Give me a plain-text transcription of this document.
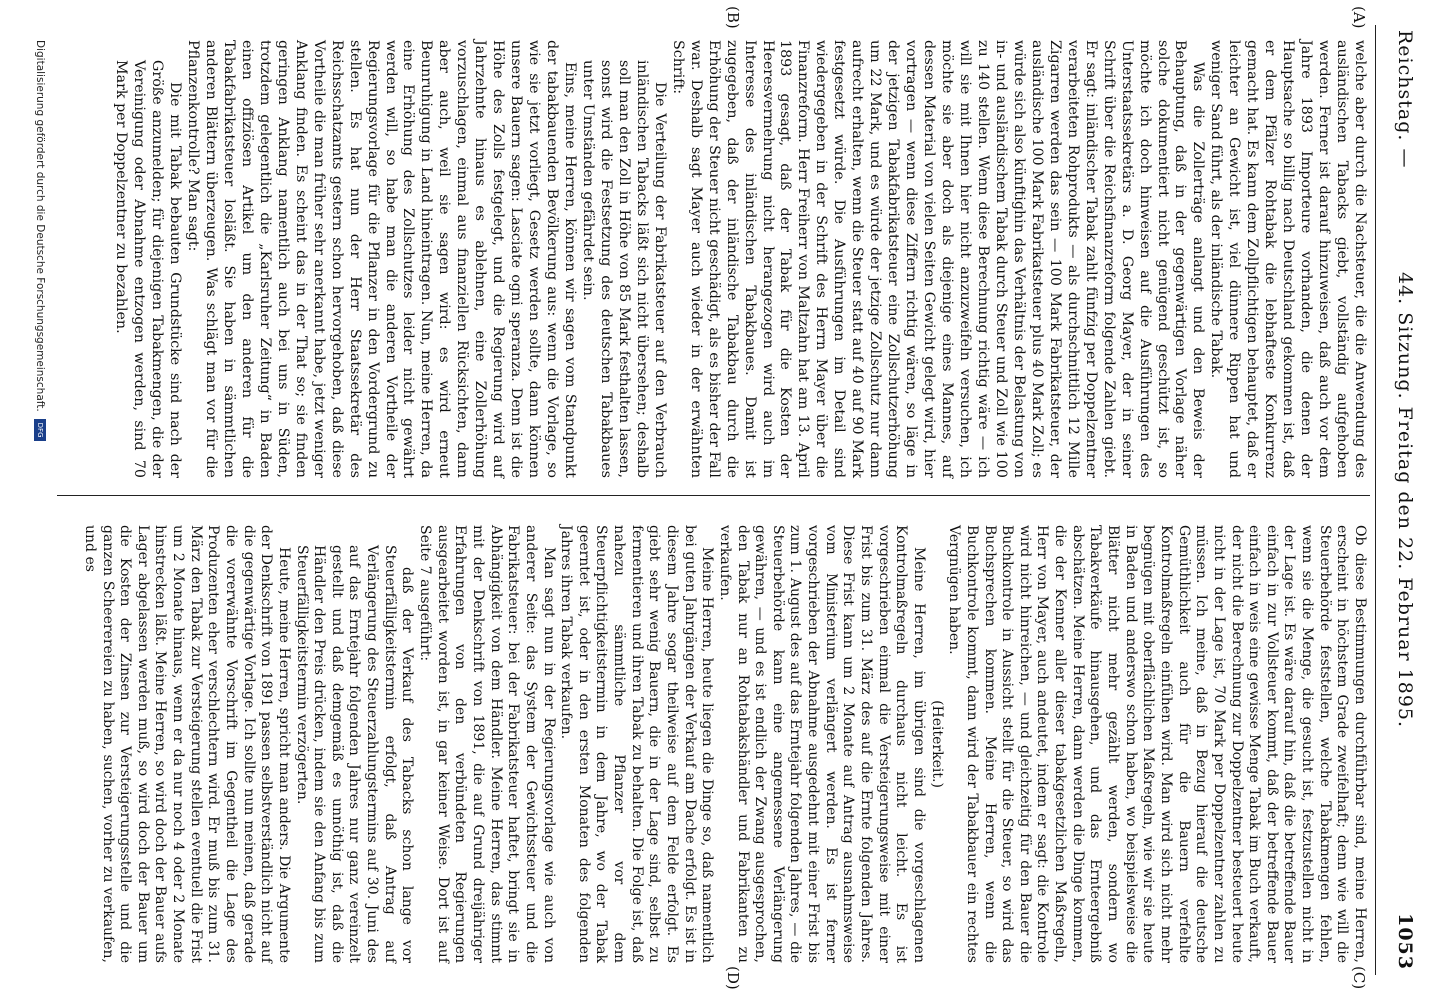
Reichstag. —
44. Sitzung. Freitag den 22. Februar 1895.
1053
(A)
(B)
(C)
(D)

welche aber durch die Nachsteuer, die die Anwendung des ausländischen Tabacks giebt, vollständig aufgehoben werden. Ferner ist darauf hinzuweisen, daß auch vor dem Jahre 1893 Importeure vorhanden, die denen der Hauptsache so billig nach Deutschland gekommen ist, daß er dem Pfälzer Rohtabak die lebhafteste Konkurrenz gemacht hat. Es kann dem Zollpflichtigen behauptet, daß er leichter an Gewicht ist, viel dünnere Rippen hat und weniger Sand führt, als der inländische Tabak.

Was die Zollerträge anlangt und den Beweis der Behauptung, daß in der gegenwärtigen Vorlage näher solche dokumentiert nicht genügend geschützt ist, so möchte ich doch hinweisen auf die Ausführungen des Unterstaatssekretärs a. D. Georg Mayer, der in seiner Schrift über die Reichsfinanzreform folgende Zahlen giebt. Er sagt: inländischer Tabak zahlt fünfzig per Doppelzentner verarbeiteten Rohprodukts — als durchschnittlich 12 Mille Zigarren werden das sein — 100 Mark Fabrikatsteuer, der ausländische 100 Mark Fabrikatsteuer plus 40 Mark Zoll; es würde sich also künftighin das Verhältnis der Belastung von in- und ausländischem Tabak durch Steuer und Zoll wie 100 zu 140 stellen. Wenn diese Berechnung richtig wäre — ich will sie mit Ihnen hier nicht anzuzweifeln versuchen, ich möchte sie aber doch als diejenige eines Mannes, auf dessen Material von vielen Seiten Gewicht gelegt wird, hier vortragen — wenn diese Ziffern richtig wären, so läge in der jetzigen Tabakfabrikatsteuer eine Zollschutzerhöhung um 22 Mark, und es würde der jetzige Zollschutz nur dann aufrecht erhalten, wenn die Steuer statt auf 40 auf 90 Mark festgesetzt würde. Die Ausführungen im Detail sind wiedergegeben in der Schrift des Herrn Mayer über die Finanzreform. Herr Freiherr von Maltzahn hat am 13. April 1893 gesagt, daß der Tabak für die Kosten der Heeresvermehrung nicht herangezogen wird auch im Interesse des inländischen Tabakbaues. Damit ist zugegeben, daß der inländische Tabakbau durch die Erhöhung der Steuer nicht geschädigt, als es bisher der Fall war. Deshalb sagt Mayer auch wieder in der erwähnten Schrift:

Die Verteilung der Fabrikatsteuer auf den Verbrauch inländischen Tabacks läßt sich nicht übersehen; deshalb soll man den Zoll in Höhe von 85 Mark festhalten lassen, sonst wird die Festsetzung des deutschen Tabakbaues unter Umständen gefährdet sein.

Eins, meine Herren, können wir sagen vom Standpunkt der tabakbauenden Bevölkerung aus: wenn die Vorlage, so wie sie jetzt vorliegt, Gesetz werden sollte, dann können unsere Bauern sagen: Lasciate ogni speranza. Denn ist die Höhe des Zolls festgelegt, und die Regierung wird auf Jahrzehnte hinaus es ablehnen, eine Zollerhöhung vorzuschlagen, einmal aus finanziellen Rücksichten, dann aber auch, weil sie sagen wird: es wird erneut Beunruhigung in Land hineintragen. Nun, meine Herren, da eine Erhöhung des Zollschutzes leider nicht gewährt werden will, so habe man die anderen Vortheile der Regierungsvorlage für die Pflanzer in den Vordergrund zu stellen. Es hat nun der Herr Staatssekretär des Reichsschatzamts gestern schon hervorgehoben, daß diese Vortheile die man früher sehr anerkannt habe, jetzt weniger Anklang finden. Es scheint das in der That so; sie finden geringen Anklang namentlich auch bei uns in Süden, trotzdem gelegentlich die „Karlsruher Zeitung“ in Baden einen offiziösen Artikel um den anderen für die Tabakfabrikatsteuer losläßt. Sie haben in sämmtlichen anderen Blättern überzeugen. Was schlägt man vor für die Pflanzenkontrolle? Man sagt:

Die mit Tabak bebauten Grundstücke sind nach der Größe anzumelden; für diejenigen Tabakmengen, die der Vereinigung oder Abnahme entzogen werden, sind 70 Mark per Doppelzentner zu bezahlen.

Ob diese Bestimmungen durchführbar sind, meine Herren, erscheint in höchstem Grade zweifelhaft; denn wie will die Steuerbehörde feststellen, welche Tabakmengen fehlen, wenn sie die Menge, die gesucht ist, festzustellen nicht in der Lage ist. Es wäre darauf hin, daß die betreffende Bauer einfach in zur Vollsteuer kommt, daß der betreffende Bauer einfach in weis eine gewisse Menge Tabak im Buch verkauft, der nicht die Berechnung zur Doppelzentner besteuert heute nicht in der Lage ist, 70 Mark per Doppelzentner zahlen zu müssen. Ich meine, daß in Bezug hierauf die deutsche Gemüthlichkeit auch für die Bauern verfehlte Kontrolmaßregeln einfühen wird. Man wird sich nicht mehr begnügen mit oberflächlichen Maßregeln, wie wir sie heute in Baden und anderswo schon haben, wo beispielsweise die Blätter nicht mehr gezählt werden, sondern wo Tabakverkäufe hinausgehen, und das Ernteergebniß abschätzen. Meine Herren, dann werden die Dinge kommen, die der Kenner aller dieser tabakgesetzlichen Maßregeln, Herr von Mayer, auch andeutet, indem er sagt: die Kontrole wird nicht hinreichen, — und gleichzeitig für den Bauer die Buchkontrole in Aussicht stellt für die Steuer, so wird das Buchsprechen kommen. Meine Herren, wenn die Buchkontrole kommt, dann wird der Tabakbauer ein rechtes Vergnügen haben.

(Heiterkeit.)

Meine Herren, im übrigen sind die vorgeschlagenen Kontrolmaßregeln durchaus nicht leicht. Es ist vorgeschrieben einmal die Versteigerungsweise mit einer Frist bis zum 31. März des auf die Ernte folgenden Jahres. Diese Frist kann um 2 Monate auf Antrag ausnahmsweise vom Ministerium verlängert werden. Es ist ferner vorgeschrieben der Abnahme ausgedehnt mit einer Frist bis zum 1. August des auf das Erntejahr folgenden Jahres, — die Steuerbehörde kann eine angemessene Verlängerung gewähren, — und es ist endlich der Zwang ausgesprochen, den Tabak nur an Rohtabakshändler und Fabrikanten zu verkaufen.

Meine Herren, heute liegen die Dinge so, daß namentlich bei guten Jahrgängen der Verkauf am Dache erfolgt. Es ist in diesem Jahre sogar theilweise auf dem Felde erfolgt. Es giebt sehr wenig Bauern, die in der Lage sind, selbst zu fermentieren und ihren Tabak zu behalten. Die Folge ist, daß nahezu sämmtliche Pflanzer vor dem Steuerpflichtigkeitstermin in dem Jahre, wo der Tabak geerntet ist, oder in den ersten Monaten des folgenden Jahres ihren Tabak verkaufen.

Man sagt nun in der Regierungsvorlage wie auch von anderer Seite: das System der Gewichtssteuer und die Fabrikatsteuer: bei der Fabrikatsteuer haftet, bringt sie in Abhängigkeit von dem Händler. Meine Herren, das stimmt mit der Denkschrift von 1891, die auf Grund dreijähriger Erfahrungen von den verbündeten Regierungen ausgearbeitet worden ist, in gar keiner Weise. Dort ist auf Seite 7 ausgeführt:

daß der Verkauf des Tabacks schon lange vor Steuerfälligkeitstermin erfolgt, daß Antrag auf Verlängerung des Steuerzahlungstermins auf 30. Juni des auf das Erntejahr folgenden Jahres nur ganz vereinzelt gestellt und daß demgemäß es unnöthig ist, daß die Händler den Preis drücken, indem sie den Anfang bis zum Steuerfälligkeitstermin verzögerten.

Heute, meine Herren, spricht man anders. Die Argumente der Denkschrift von 1891 passen selbstverständlich nicht auf die gegenwärtige Vorlage. Ich sollte nun meinen, daß gerade die vorerwähnte Vorschrift im Gegentheil die Lage des Produzenten eher verschlechtern wird. Er muß bis zum 31. März den Tabak zur Versteigerung stellen eventuell die Frist um 2 Monate hinaus, wenn er da nur noch 4 oder 2 Monate hinstrecken läßt. Meine Herren, so wird doch der Bauer aufs Lager abgelassen werden muß, so wird doch der Bauer um die Kosten der Zinsen zur Versteigerungsstelle und die ganzen Scheerereien zu haben, suchen, vorher zu verkaufen, und es

Digitalisierung gefördert durch die Deutsche Forschungsgemeinschaft. DFG
